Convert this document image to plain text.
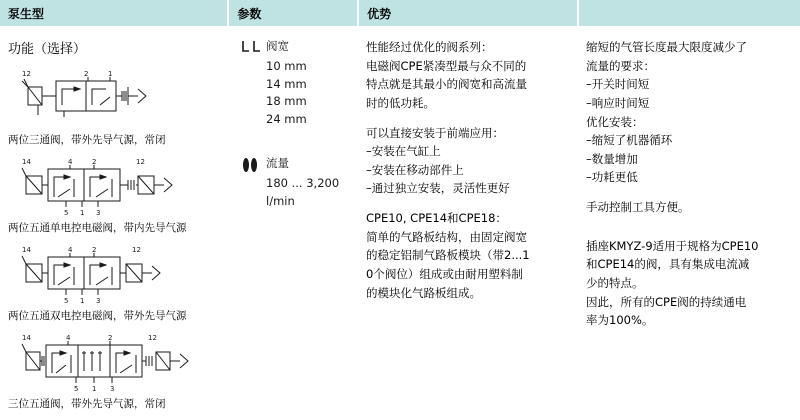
泵生型	参数	优势
功能（选择）
12	2	1
两位三通阀，带外先导气源，常闭
14	4	2	12
5 1 3
两位五通单电控电磁阀，带内先导气源
14	4	2	12
5 1 3
两位五通双电控电磁阀，带外先导气源
14	4	2	12
5 1 3
三位五通阀，带外先导气源，常闭
阀宽
10 mm
14 mm
18 mm
24 mm
流量
180 ... 3,200 l/min

性能经过优化的阀系列：
电磁阀CPE紧凑型最与众不同的
特点就是其最小的阀宽和高流量
时的低功耗。

可以直接安装于前端应用：
–安装在气缸上
–安装在移动部件上
–通过独立安装，灵活性更好

CPE10, CPE14和CPE18：
简单的气路板结构，由固定阀宽
的稳定铝制气路板模块（带2...1
0个阀位）组成或由耐用塑料制
的模块化气路板组成。

缩短的气管长度最大限度减少了
流量的要求：
–开关时间短
–响应时间短
优化安装：
–缩短了机器循环
–数量增加
–功耗更低

手动控制工具方便。

插座KMYZ-9适用于规格为CPE10
和CPE14的阀，具有集成电流减
少的特点。
因此，所有的CPE阀的持续通电
率为100%。
